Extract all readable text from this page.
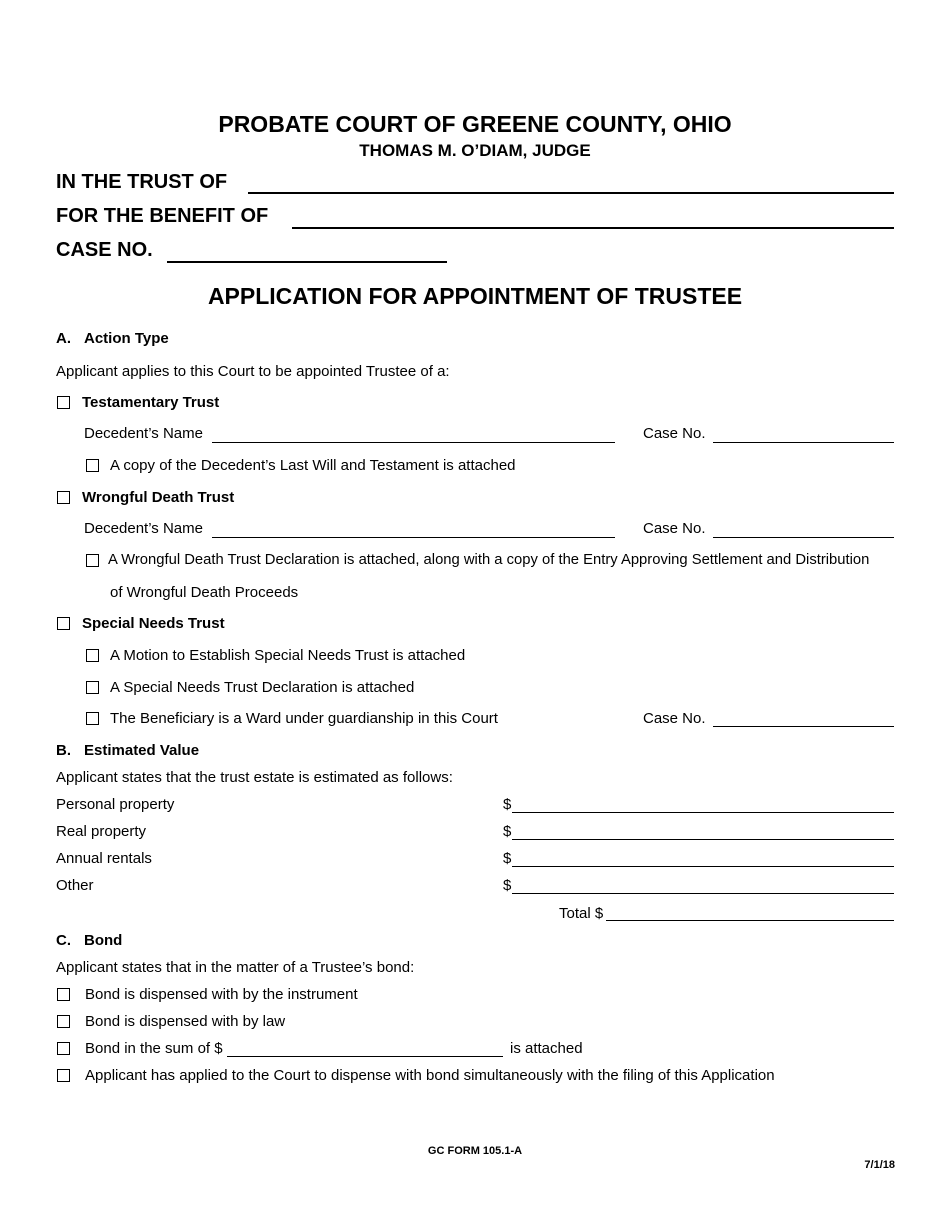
PROBATE COURT OF GREENE COUNTY, OHIO
THOMAS M. O’DIAM, JUDGE
IN THE TRUST OF
FOR THE BENEFIT OF
CASE NO.
APPLICATION FOR APPOINTMENT OF TRUSTEE
A. Action Type
Applicant applies to this Court to be appointed Trustee of a:
Testamentary Trust
Decedent’s Name	Case No.
A copy of the Decedent’s Last Will and Testament is attached
Wrongful Death Trust
Decedent’s Name	Case No.
A Wrongful Death Trust Declaration is attached, along with a copy of the Entry Approving Settlement and Distribution
of Wrongful Death Proceeds
Special Needs Trust
A Motion to Establish Special Needs Trust is attached
A Special Needs Trust Declaration is attached
The Beneficiary is a Ward under guardianship in this Court	Case No.
B. Estimated Value
Applicant states that the trust estate is estimated as follows:
Personal property	$
Real property	$
Annual rentals	$
Other	$
Total $
C. Bond
Applicant states that in the matter of a Trustee’s bond:
Bond is dispensed with by the instrument
Bond is dispensed with by law
Bond in the sum of $	is attached
Applicant has applied to the Court to dispense with bond simultaneously with the filing of this Application
GC FORM 105.1-A
7/1/18
